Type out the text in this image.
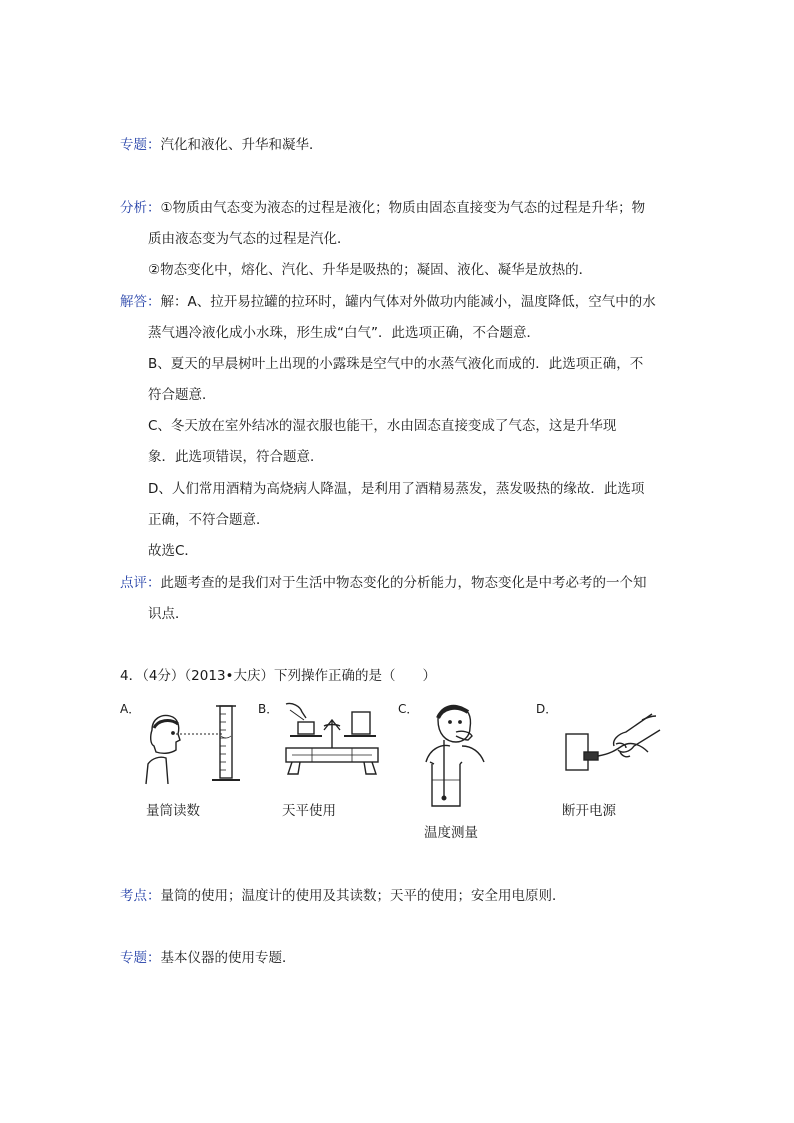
专题：汽化和液化、升华和凝华．
分析：①物质由气态变为液态的过程是液化；物质由固态直接变为气态的过程是升华；物
质由液态变为气态的过程是汽化．
②物态变化中，熔化、汽化、升华是吸热的；凝固、液化、凝华是放热的．
解答：解：A、拉开易拉罐的拉环时，罐内气体对外做功内能减小，温度降低，空气中的水
蒸气遇冷液化成小水珠，形生成“白气”．此选项正确，不合题意．
B、夏天的早晨树叶上出现的小露珠是空气中的水蒸气液化而成的．此选项正确，不
符合题意．
C、冬天放在室外结冰的湿衣服也能干，水由固态直接变成了气态，这是升华现
象．此选项错误，符合题意．
D、人们常用酒精为高烧病人降温，是利用了酒精易蒸发，蒸发吸热的缘故．此选项
正确，不符合题意．
故选C．
点评：此题考查的是我们对于生活中物态变化的分析能力，物态变化是中考必考的一个知
识点．
4．（4分）（2013•大庆）下列操作正确的是（　　）
A．	B．	C．	D．
量筒读数	天平使用
温度测量
断开电源
考点：量筒的使用；温度计的使用及其读数；天平的使用；安全用电原则．
专题：基本仪器的使用专题．
